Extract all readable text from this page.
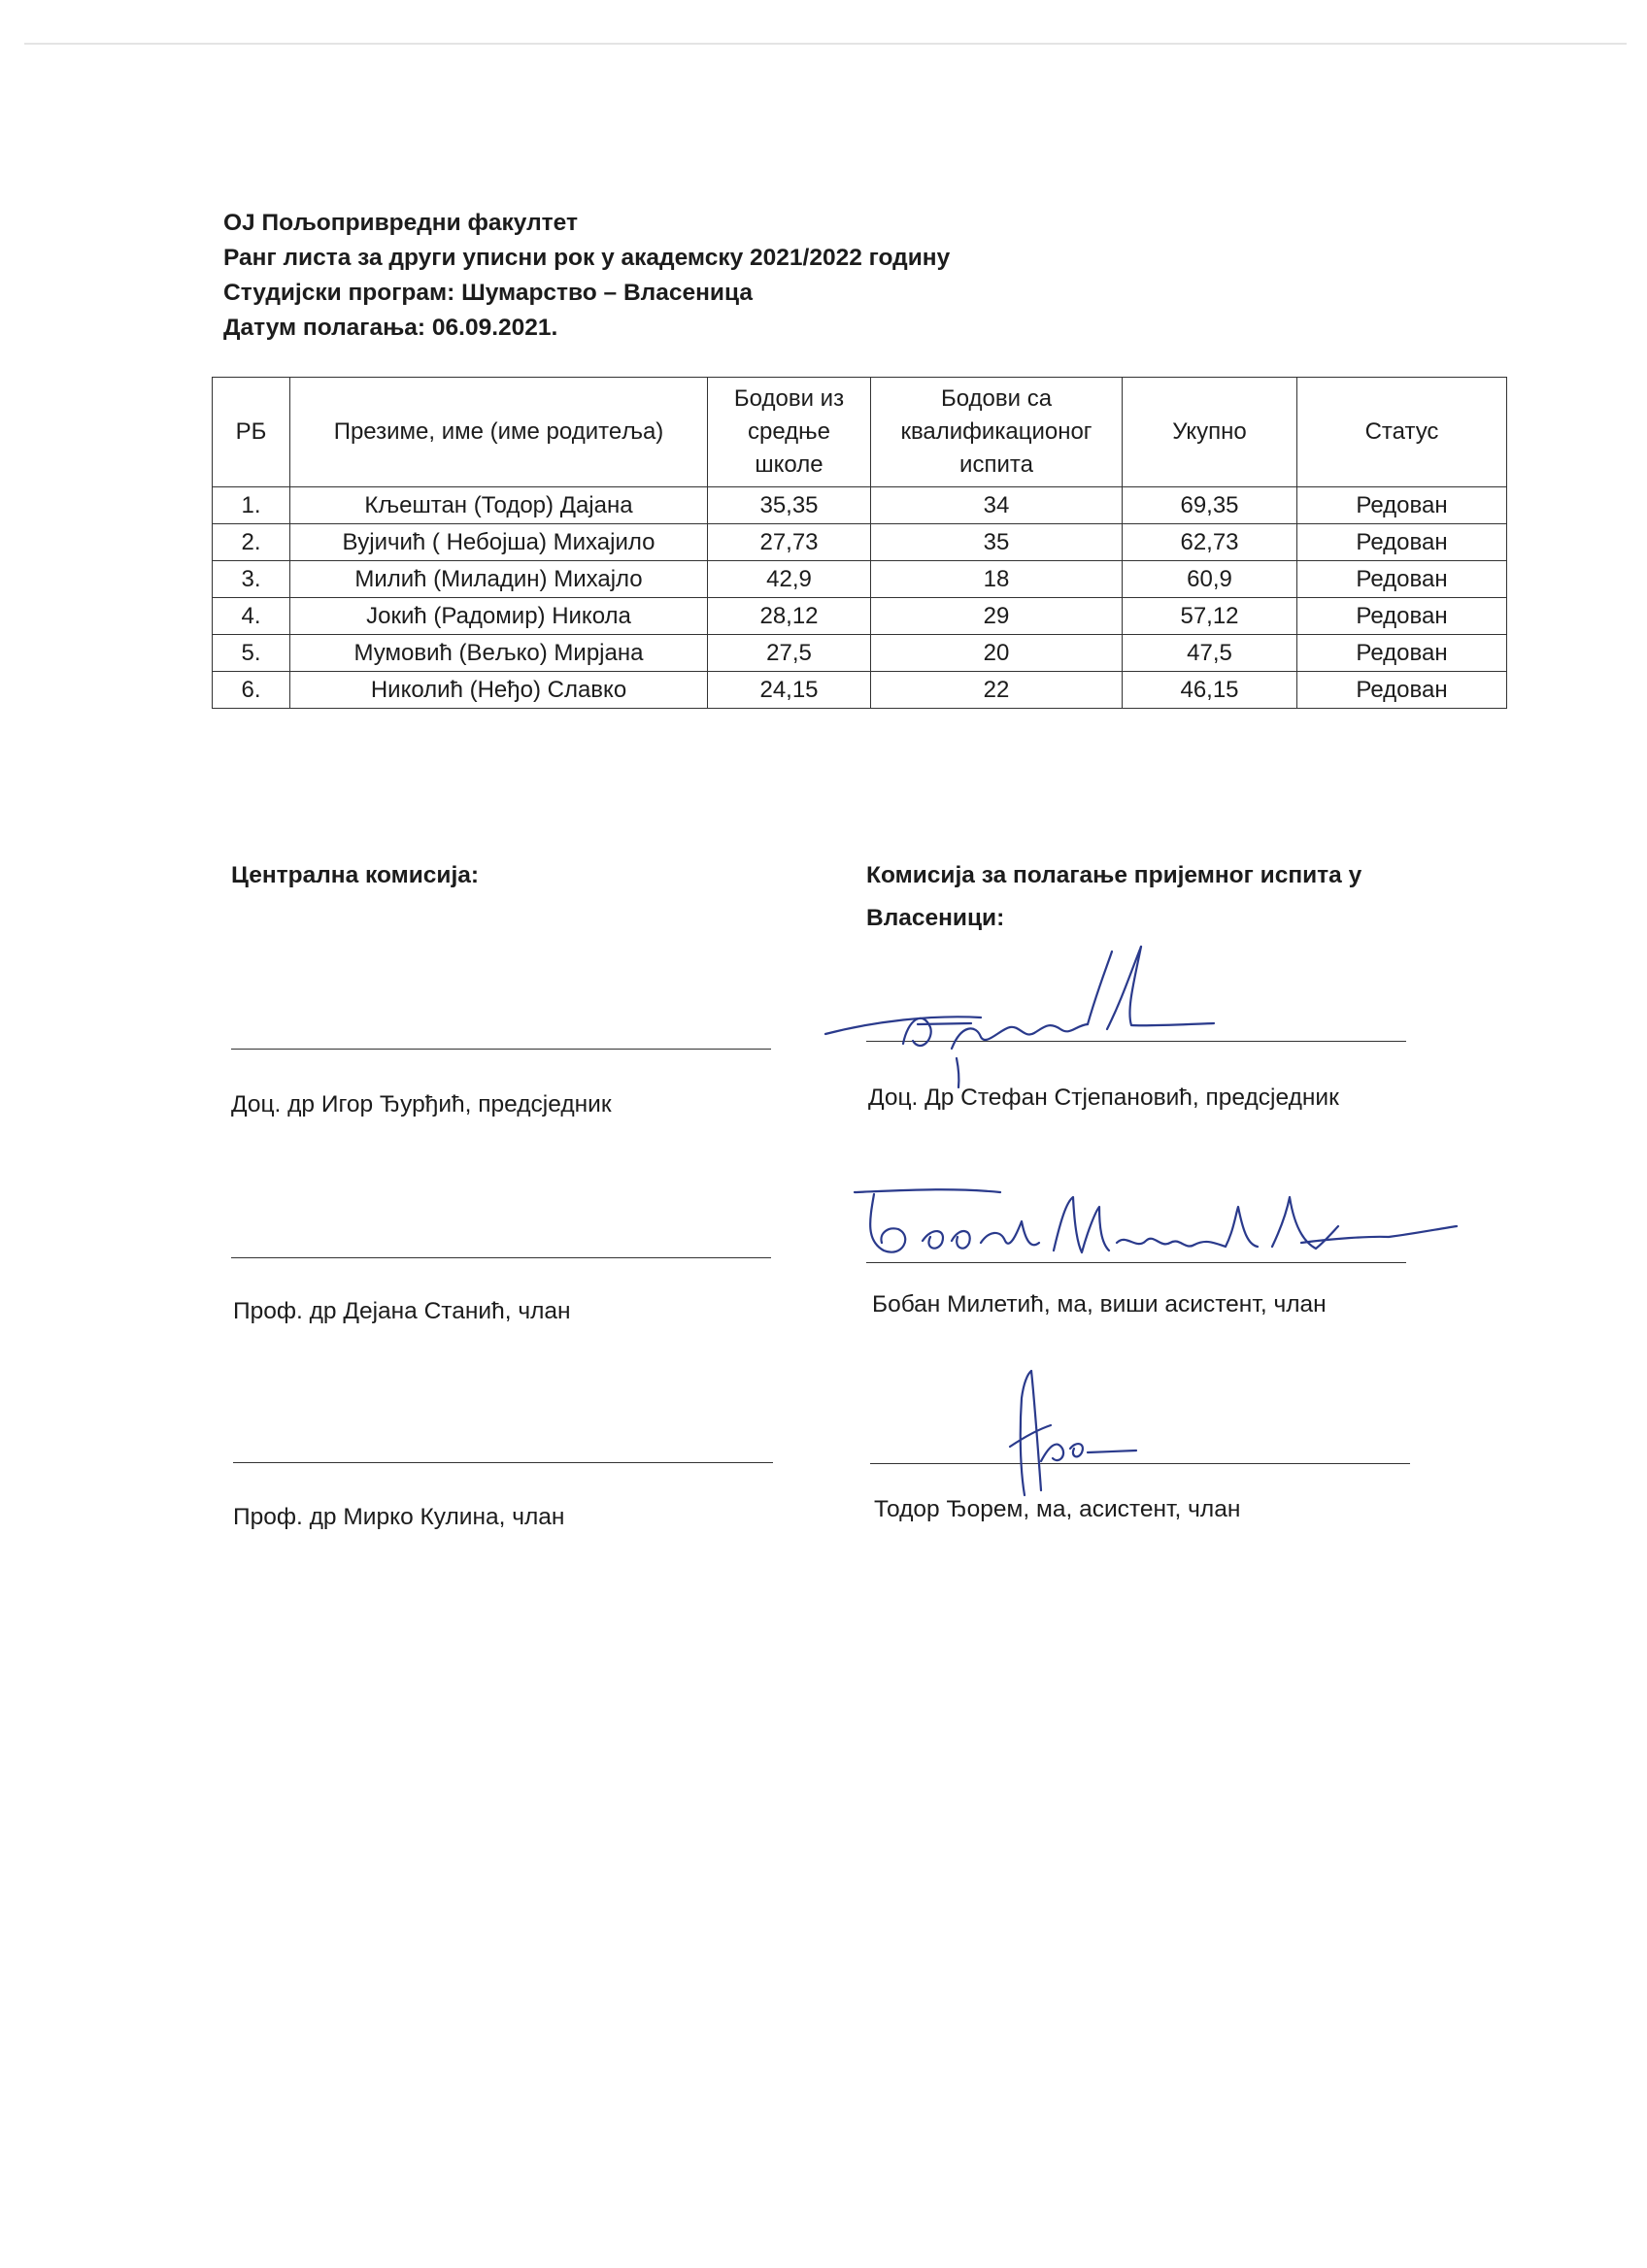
ОЈ Пољопривредни факултет
Ранг листа за други уписни рок у академску 2021/2022 годину
Студијски програм: Шумарство – Власеница
Датум полагања: 06.09.2021.
РБ	Презиме, име (име родитеља)	Бодови из средње школе	Бодови са квалификационог испита	Укупно	Статус
1.	Кљештан (Тодор) Дајана	35,35	34	69,35	Редован
2.	Вујичић ( Небојша) Михајило	27,73	35	62,73	Редован
3.	Милић (Миладин) Михајло	42,9	18	60,9	Редован
4.	Јокић (Радомир) Никола	28,12	29	57,12	Редован
5.	Мумовић (Вељко) Мирјана	27,5	20	47,5	Редован
6.	Николић (Нeђo) Славко	24,15	22	46,15	Редован
Централна комисија:
Доц. др Игор Ђурђић, предсједник
Проф. др Дејана Станић, члан
Проф. др Мирко Кулина, члан
Комисија за полагање пријемног испита у Власеници:
Доц. Др Стефан Стјепановић, предсједник
Бобан Милетић, ма, виши асистент, члан
Тодор Ђорем, ма, асистент, члан
